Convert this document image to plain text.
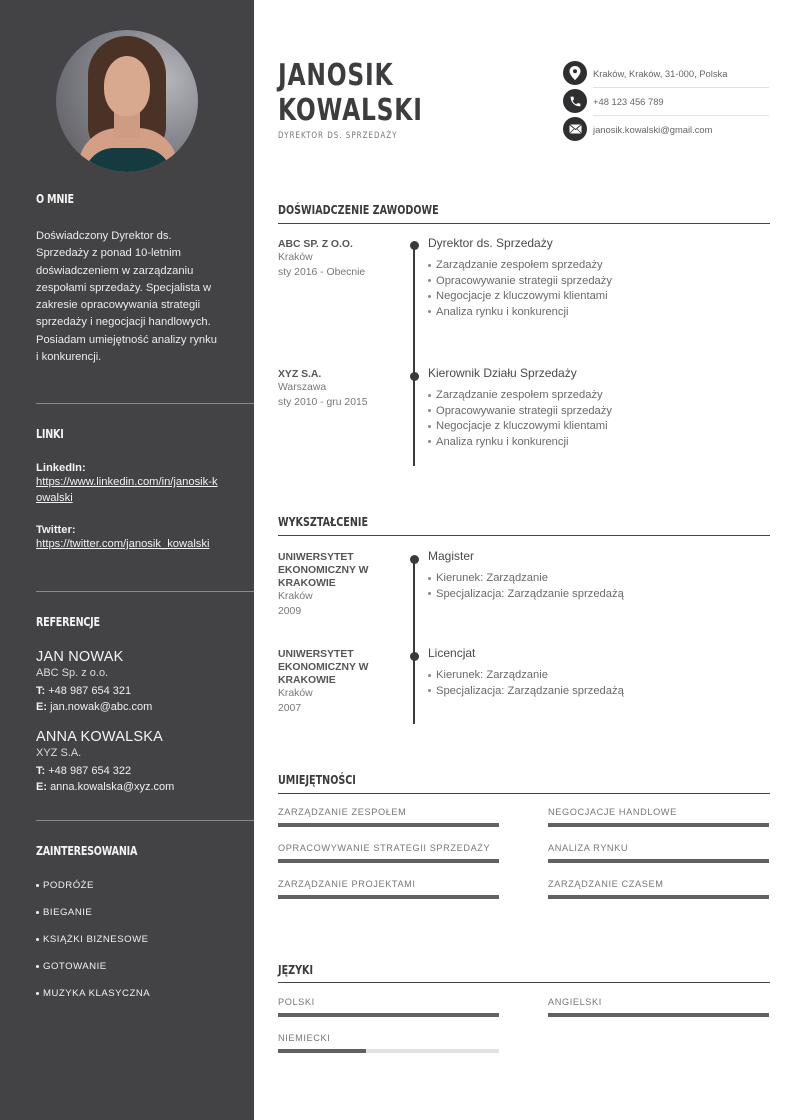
O MNIE
Doświadczony Dyrektor ds. Sprzedaży z ponad 10-letnim doświadczeniem w zarządzaniu zespołami sprzedaży. Specjalista w zakresie opracowywania strategii sprzedaży i negocjacji handlowych. Posiadam umiejętność analizy rynku i konkurencji.
LINKI
LinkedIn:
https://www.linkedin.com/in/janosik-kowalski
Twitter:
https://twitter.com/janosik_kowalski
REFERENCJE
JAN NOWAK
ABC Sp. z o.o.
T: +48 987 654 321
E: jan.nowak@abc.com
ANNA KOWALSKA
XYZ S.A.
T: +48 987 654 322
E: anna.kowalska@xyz.com
ZAINTERESOWANIA
PODRÓŻE
BIEGANIE
KSIĄŻKI BIZNESOWE
GOTOWANIE
MUZYKA KLASYCZNA
JANOSIK
KOWALSKI
DYREKTOR DS. SPRZEDAŻY
Kraków, Kraków, 31-000, Polska
+48 123 456 789
janosik.kowalski@gmail.com
DOŚWIADCZENIE ZAWODOWE
ABC SP. Z O.O.
Kraków
sty 2016 - Obecnie
Dyrektor ds. Sprzedaży
Zarządzanie zespołem sprzedaży
Opracowywanie strategii sprzedaży
Negocjacje z kluczowymi klientami
Analiza rynku i konkurencji
XYZ S.A.
Warszawa
sty 2010 - gru 2015
Kierownik Działu Sprzedaży
Zarządzanie zespołem sprzedaży
Opracowywanie strategii sprzedaży
Negocjacje z kluczowymi klientami
Analiza rynku i konkurencji
WYKSZTAŁCENIE
UNIWERSYTET
EKONOMICZNY W
KRAKOWIE
Kraków
2009
Magister
Kierunek: Zarządzanie
Specjalizacja: Zarządzanie sprzedażą
UNIWERSYTET
EKONOMICZNY W
KRAKOWIE
Kraków
2007
Licencjat
Kierunek: Zarządzanie
Specjalizacja: Zarządzanie sprzedażą
UMIEJĘTNOŚCI
ZARZĄDZANIE ZESPOŁEM	NEGOCJACJE HANDLOWE
OPRACOWYWANIE STRATEGII SPRZEDAŻY	ANALIZA RYNKU
ZARZĄDZANIE PROJEKTAMI	ZARZĄDZANIE CZASEM
JĘZYKI
POLSKI	ANGIELSKI
NIEMIECKI
